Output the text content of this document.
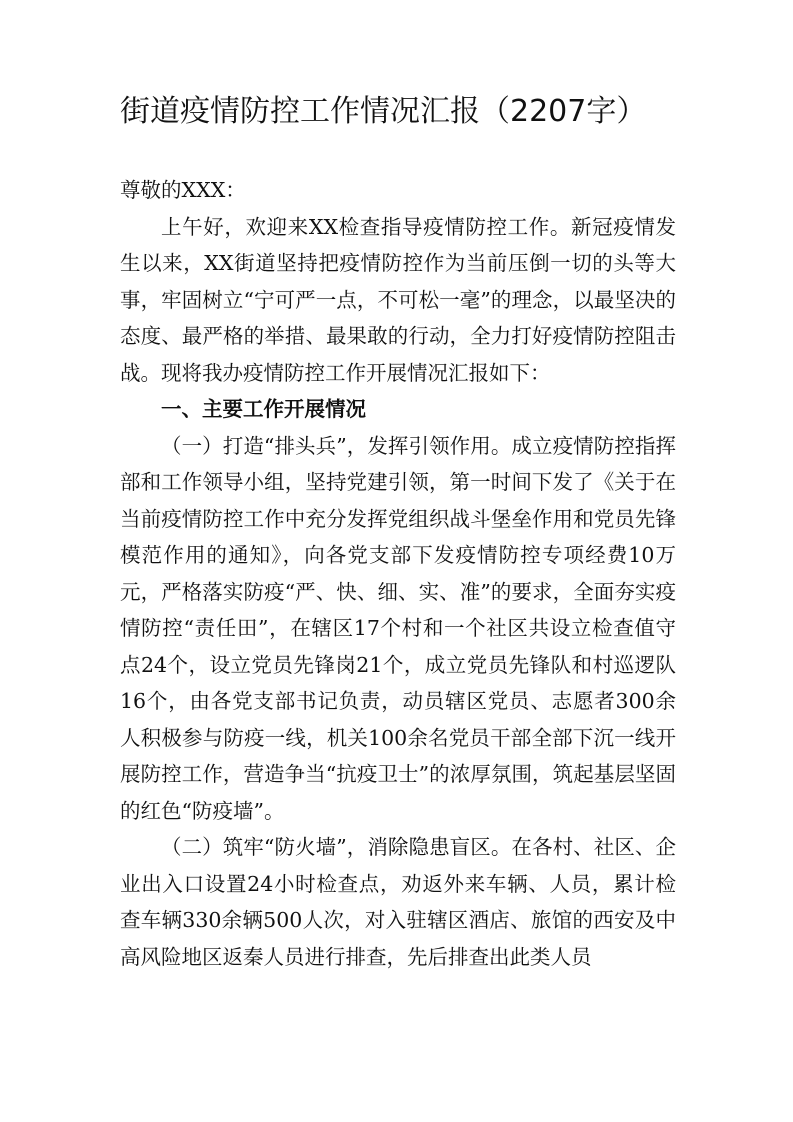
街道疫情防控工作情况汇报（2207字）

尊敬的XXX：

上午好，欢迎来XX检查指导疫情防控工作。新冠疫情发生以来，XX街道坚持把疫情防控作为当前压倒一切的头等大事，牢固树立“宁可严一点，不可松一毫”的理念，以最坚决的态度、最严格的举措、最果敢的行动，全力打好疫情防控阻击战。现将我办疫情防控工作开展情况汇报如下：

一、主要工作开展情况

（一）打造“排头兵”，发挥引领作用。成立疫情防控指挥部和工作领导小组，坚持党建引领，第一时间下发了《关于在当前疫情防控工作中充分发挥党组织战斗堡垒作用和党员先锋模范作用的通知》，向各党支部下发疫情防控专项经费10万元，严格落实防疫“严、快、细、实、准”的要求，全面夯实疫情防控“责任田”，在辖区17个村和一个社区共设立检查值守点24个，设立党员先锋岗21个，成立党员先锋队和村巡逻队16个，由各党支部书记负责，动员辖区党员、志愿者300余人积极参与防疫一线，机关100余名党员干部全部下沉一线开展防控工作，营造争当“抗疫卫士”的浓厚氛围，筑起基层坚固的红色“防疫墙”。

（二）筑牢“防火墙”，消除隐患盲区。在各村、社区、企业出入口设置24小时检查点，劝返外来车辆、人员，累计检查车辆330余辆500人次，对入驻辖区酒店、旅馆的西安及中高风险地区返秦人员进行排查，先后排查出此类人员
